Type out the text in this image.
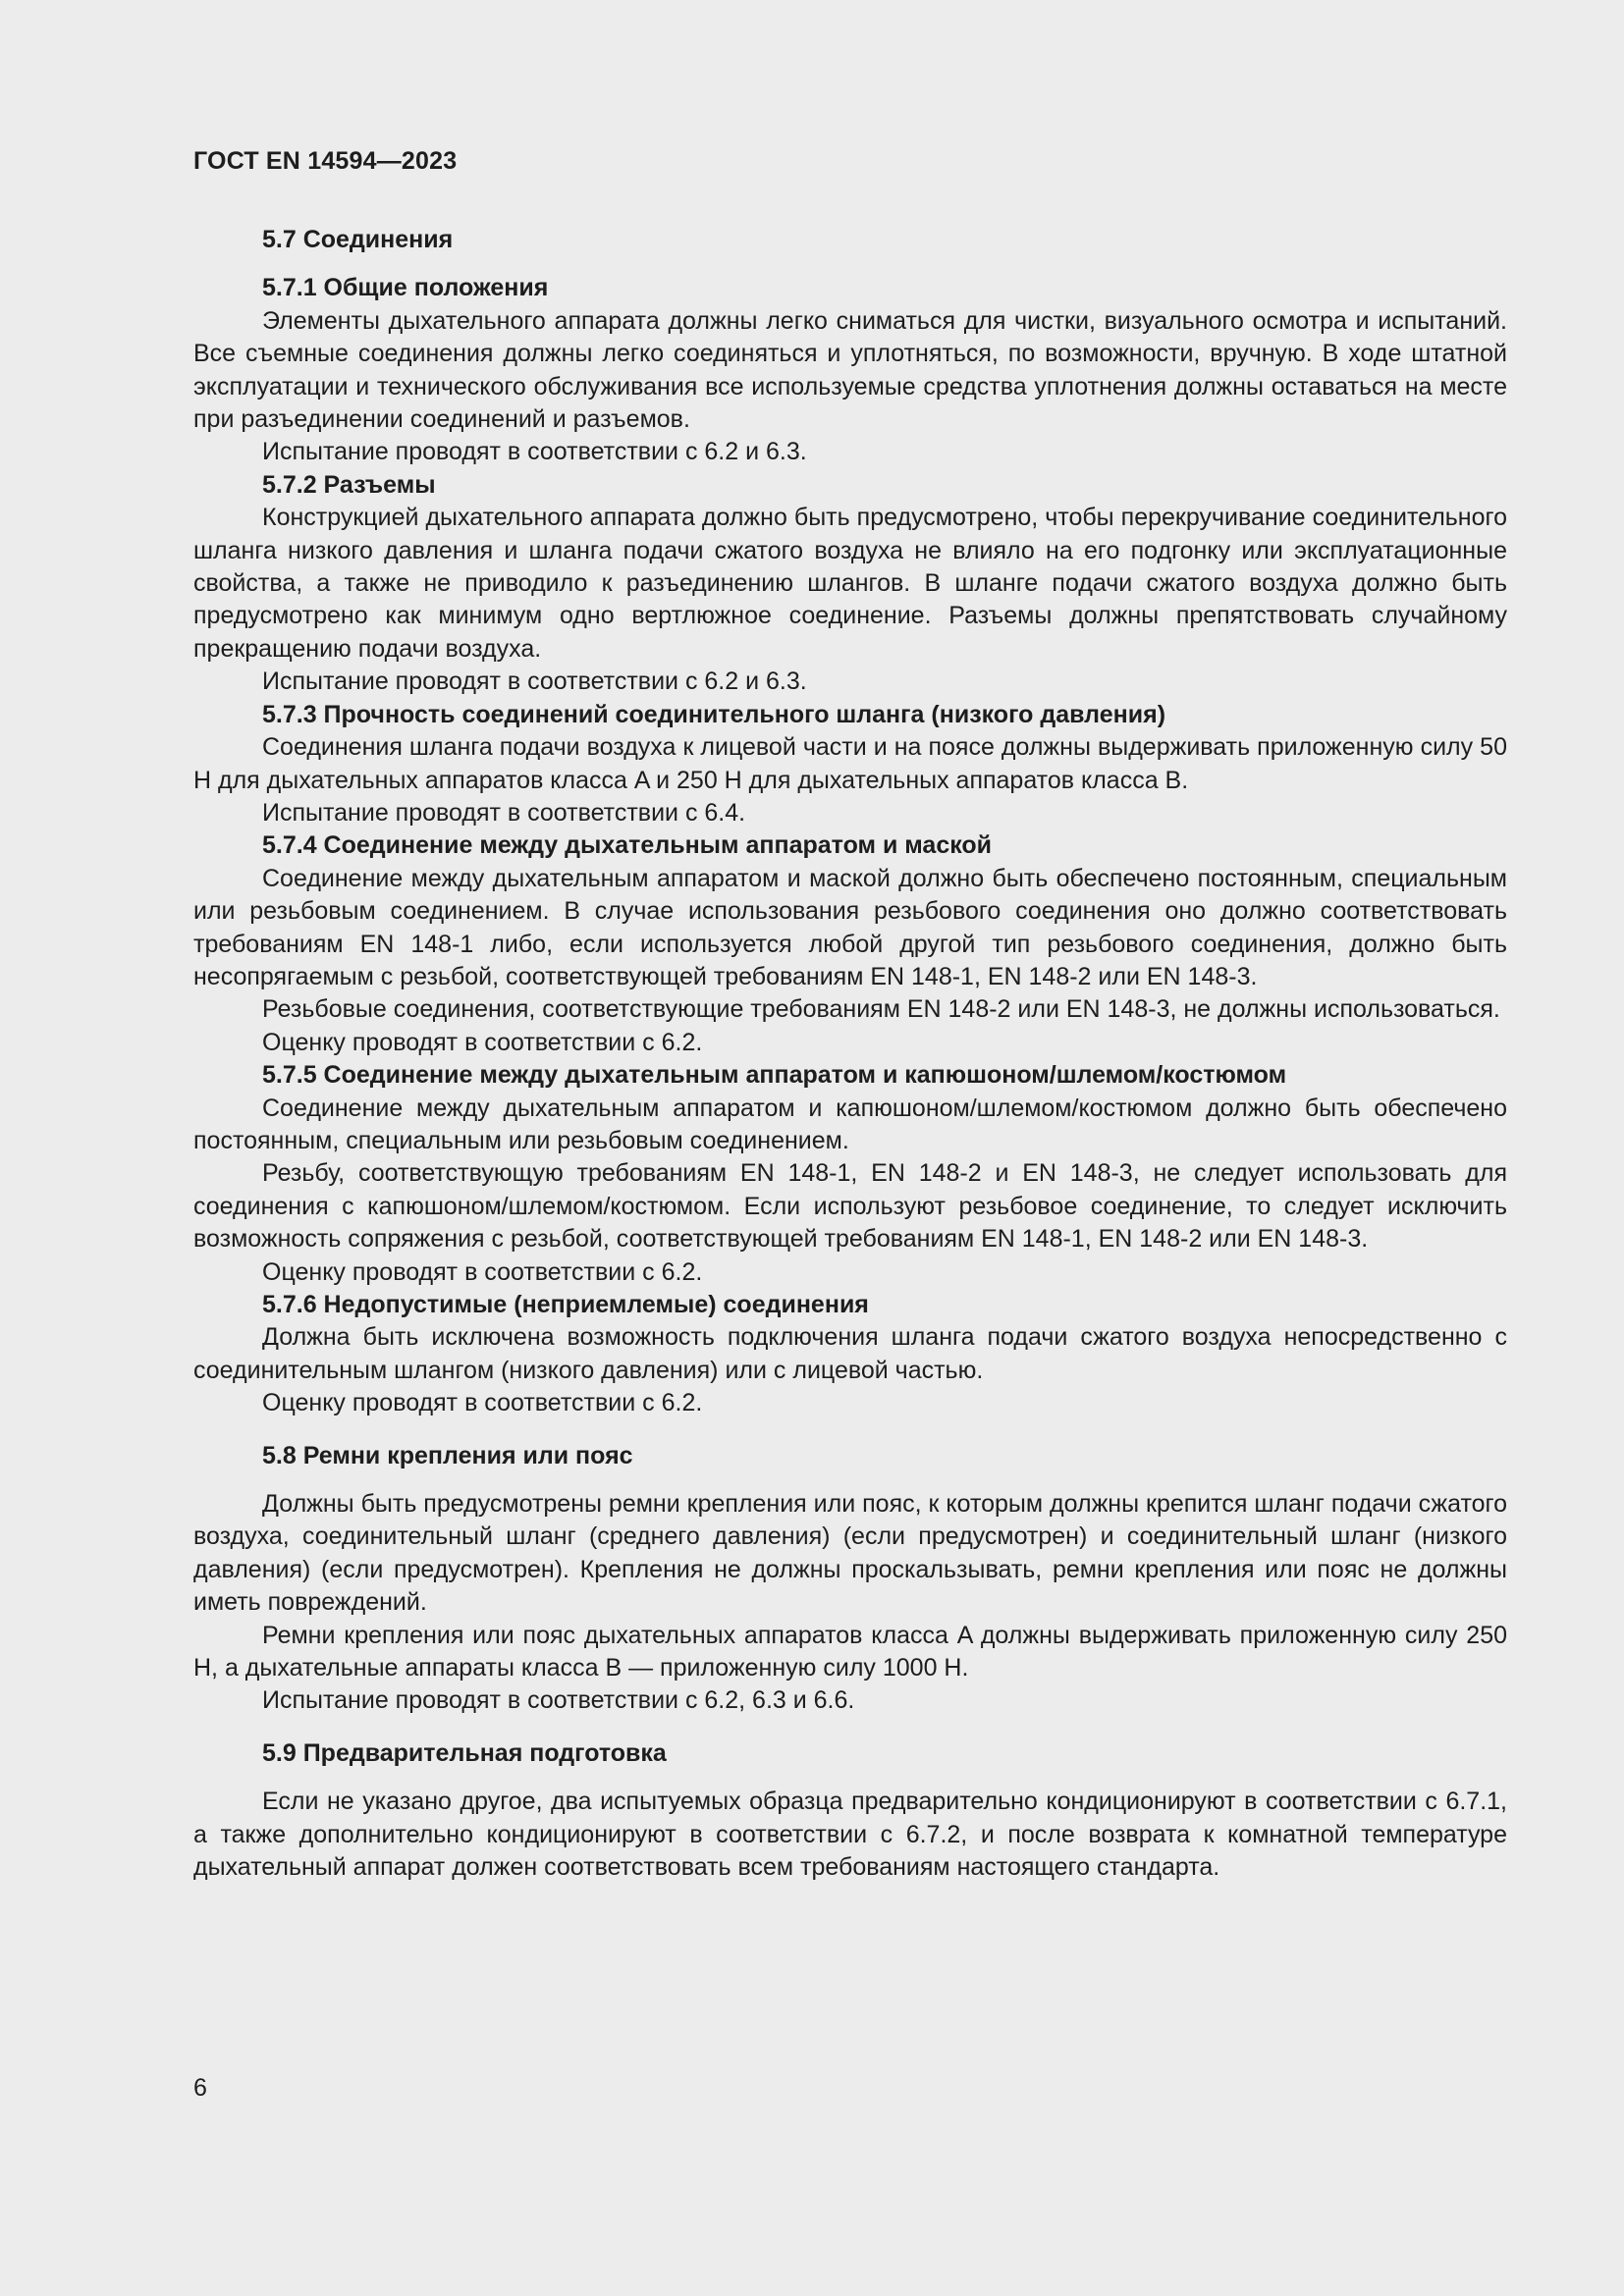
ГОСТ EN 14594—2023
5.7 Соединения
5.7.1 Общие положения

Элементы дыхательного аппарата должны легко сниматься для чистки, визуального осмотра и испытаний. Все съемные соединения должны легко соединяться и уплотняться, по возможности, вручную. В ходе штатной эксплуатации и технического обслуживания все используемые средства уплотнения должны оставаться на месте при разъединении соединений и разъемов.

Испытание проводят в соответствии с 6.2 и 6.3.

5.7.2 Разъемы

Конструкцией дыхательного аппарата должно быть предусмотрено, чтобы перекручивание соединительного шланга низкого давления и шланга подачи сжатого воздуха не влияло на его подгонку или эксплуатационные свойства, а также не приводило к разъединению шлангов. В шланге подачи сжатого воздуха должно быть предусмотрено как минимум одно вертлюжное соединение. Разъемы должны препятствовать случайному прекращению подачи воздуха.

Испытание проводят в соответствии с 6.2 и 6.3.

5.7.3 Прочность соединений соединительного шланга (низкого давления)

Соединения шланга подачи воздуха к лицевой части и на поясе должны выдерживать приложенную силу 50 Н для дыхательных аппаратов класса A и 250 Н для дыхательных аппаратов класса B.

Испытание проводят в соответствии с 6.4.

5.7.4 Соединение между дыхательным аппаратом и маской

Соединение между дыхательным аппаратом и маской должно быть обеспечено постоянным, специальным или резьбовым соединением. В случае использования резьбового соединения оно должно соответствовать требованиям EN 148-1 либо, если используется любой другой тип резьбового соединения, должно быть несопрягаемым с резьбой, соответствующей требованиям EN 148-1, EN 148-2 или EN 148-3.

Резьбовые соединения, соответствующие требованиям EN 148-2 или EN 148-3, не должны использоваться.

Оценку проводят в соответствии с 6.2.

5.7.5 Соединение между дыхательным аппаратом и капюшоном/шлемом/костюмом

Соединение между дыхательным аппаратом и капюшоном/шлемом/костюмом должно быть обеспечено постоянным, специальным или резьбовым соединением.

Резьбу, соответствующую требованиям EN 148-1, EN 148-2 и EN 148-3, не следует использовать для соединения с капюшоном/шлемом/костюмом. Если используют резьбовое соединение, то следует исключить возможность сопряжения с резьбой, соответствующей требованиям EN 148-1, EN 148-2 или EN 148-3.

Оценку проводят в соответствии с 6.2.

5.7.6 Недопустимые (неприемлемые) соединения

Должна быть исключена возможность подключения шланга подачи сжатого воздуха непосредственно с соединительным шлангом (низкого давления) или с лицевой частью.

Оценку проводят в соответствии с 6.2.

5.8 Ремни крепления или пояс

Должны быть предусмотрены ремни крепления или пояс, к которым должны крепится шланг подачи сжатого воздуха, соединительный шланг (среднего давления) (если предусмотрен) и соединительный шланг (низкого давления) (если предусмотрен). Крепления не должны проскальзывать, ремни крепления или пояс не должны иметь повреждений.

Ремни крепления или пояс дыхательных аппаратов класса A должны выдерживать приложенную силу 250 Н, а дыхательные аппараты класса B — приложенную силу 1000 Н.

Испытание проводят в соответствии с 6.2, 6.3 и 6.6.

5.9 Предварительная подготовка

Если не указано другое, два испытуемых образца предварительно кондиционируют в соответствии с 6.7.1, а также дополнительно кондиционируют в соответствии с 6.7.2, и после возврата к комнатной температуре дыхательный аппарат должен соответствовать всем требованиям настоящего стандарта.

6
